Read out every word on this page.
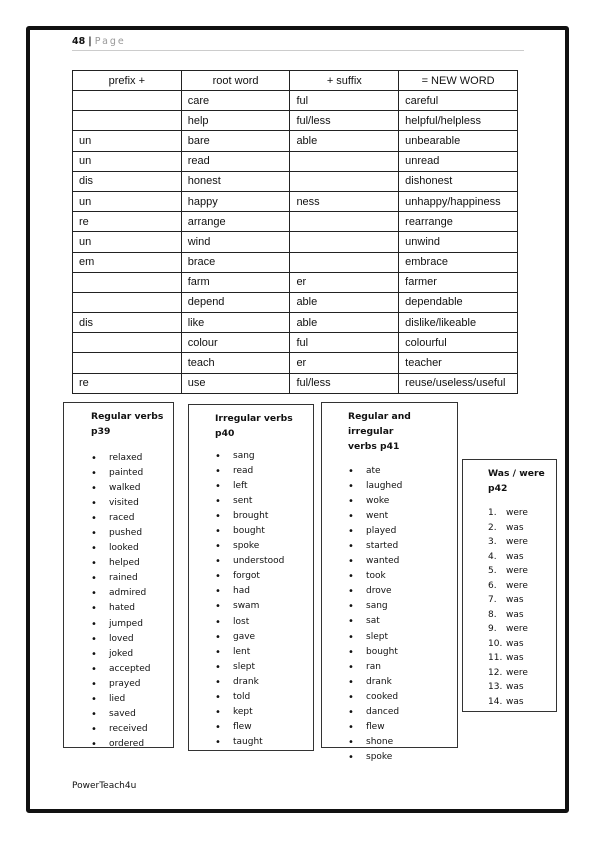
48 | Page
prefix +	root word	+ suffix	= NEW WORD
	care	ful	careful
	help	ful/less	helpful/helpless
un	bare	able	unbearable
un	read		unread
dis	honest		dishonest
un	happy	ness	unhappy/happiness
re	arrange		rearrange
un	wind		unwind
em	brace		embrace
	farm	er	farmer
	depend	able	dependable
dis	like	able	dislike/likeable
	colour	ful	colourful
	teach	er	teacher
re	use	ful/less	reuse/useless/useful
Regular verbs
p39
• relaxed
• painted
• walked
• visited
• raced
• pushed
• looked
• helped
• rained
• admired
• hated
• jumped
• loved
• joked
• accepted
• prayed
• lied
• saved
• received
• ordered
Irregular verbs p40
• sang
• read
• left
• sent
• brought
• bought
• spoke
• understood
• forgot
• had
• swam
• lost
• gave
• lent
• slept
• drank
• told
• kept
• flew
• taught
Regular and irregular
verbs p41
• ate
• laughed
• woke
• went
• played
• started
• wanted
• took
• drove
• sang
• sat
• slept
• bought
• ran
• drank
• cooked
• danced
• flew
• shone
• spoke
Was / were
p42
1. were
2. was
3. were
4. was
5. were
6. were
7. was
8. was
9. were
10. was
11. was
12. were
13. was
14. was
PowerTeach4u
